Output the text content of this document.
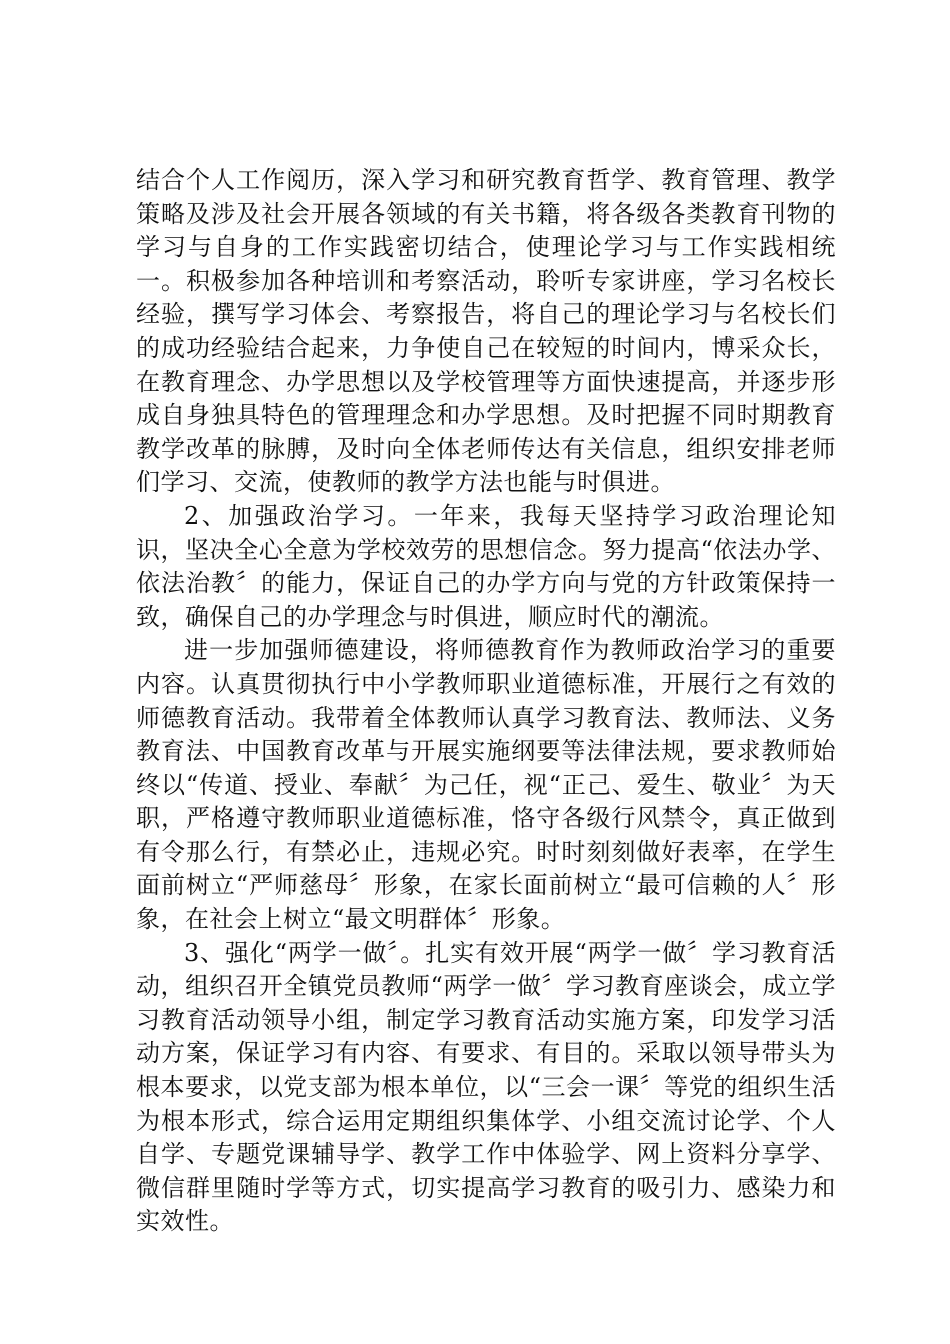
结合个人工作阅历，深入学习和研究教育哲学、教育管理、教学策略及涉及社会开展各领域的有关书籍，将各级各类教育刊物的学习与自身的工作实践密切结合，使理论学习与工作实践相统一。积极参加各种培训和考察活动，聆听专家讲座，学习名校长经验，撰写学习体会、考察报告，将自己的理论学习与名校长们的成功经验结合起来，力争使自己在较短的时间内，博采众长，在教育理念、办学思想以及学校管理等方面快速提高，并逐步形成自身独具特色的管理理念和办学思想。及时把握不同时期教育教学改革的脉膊，及时向全体老师传达有关信息，组织安排老师们学习、交流，使教师的教学方法也能与时俱进。

2、加强政治学习。一年来，我每天坚持学习政治理论知识，坚决全心全意为学校效劳的思想信念。努力提高“依法办学、依法治教〞的能力，保证自己的办学方向与党的方针政策保持一致，确保自己的办学理念与时俱进，顺应时代的潮流。

进一步加强师德建设，将师德教育作为教师政治学习的重要内容。认真贯彻执行中小学教师职业道德标准，开展行之有效的师德教育活动。我带着全体教师认真学习教育法、教师法、义务教育法、中国教育改革与开展实施纲要等法律法规，要求教师始终以“传道、授业、奉献〞为己任，视“正己、爱生、敬业〞为天职，严格遵守教师职业道德标准，恪守各级行风禁令，真正做到有令那么行，有禁必止，违规必究。时时刻刻做好表率，在学生面前树立“严师慈母〞形象，在家长面前树立“最可信赖的人〞形象，在社会上树立“最文明群体〞形象。

3、强化“两学一做〞。扎实有效开展“两学一做〞学习教育活动，组织召开全镇党员教师“两学一做〞学习教育座谈会，成立学习教育活动领导小组，制定学习教育活动实施方案，印发学习活动方案，保证学习有内容、有要求、有目的。采取以领导带头为根本要求，以党支部为根本单位，以“三会一课〞等党的组织生活为根本形式，综合运用定期组织集体学、小组交流讨论学、个人自学、专题党课辅导学、教学工作中体验学、网上资料分享学、微信群里随时学等方式，切实提高学习教育的吸引力、感染力和实效性。
